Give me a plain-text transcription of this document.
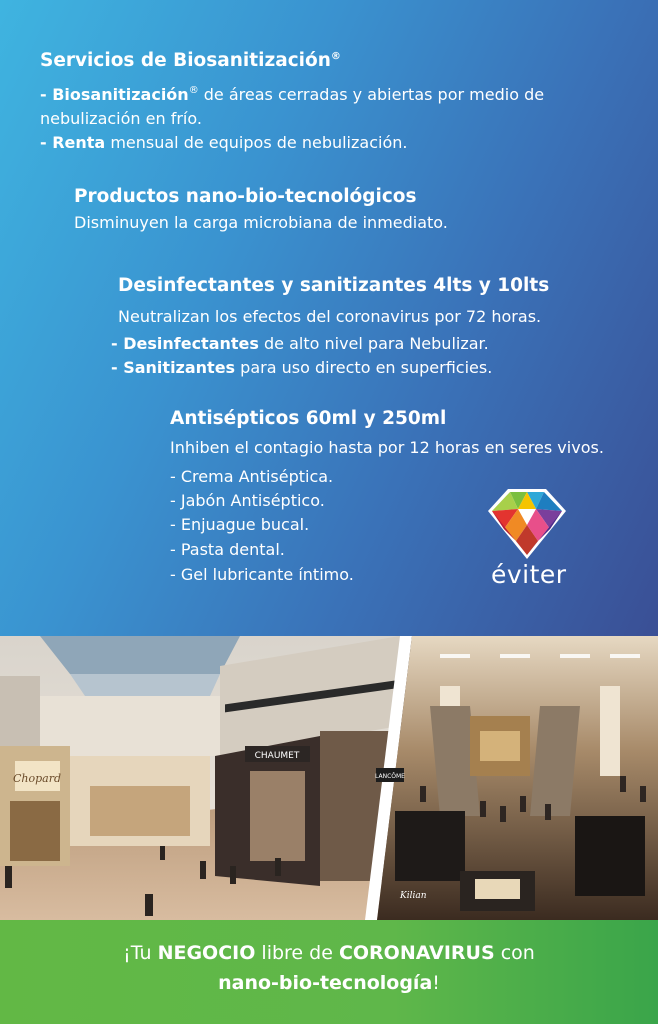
Servicios de Biosanitización®
- Biosanitización® de áreas cerradas y abiertas por medio de
nebulización en frío.
- Renta mensual de equipos de nebulización.
Productos nano-bio-tecnológicos
Disminuyen la carga microbiana de inmediato.
Desinfectantes y sanitizantes 4lts y 10lts
Neutralizan los efectos del coronavirus por 72 horas.
- Desinfectantes de alto nivel para Nebulizar.
- Sanitizantes para uso directo en superficies.
Antisépticos 60ml y 250ml
Inhiben el contagio hasta por 12 horas en seres vivos.
- Crema Antiséptica.
- Jabón Antiséptico.
- Enjuague bucal.
- Pasta dental.
- Gel lubricante íntimo.	éviter
Chopard
CHAUMET
LANCÔME
Kilian
¡Tu NEGOCIO libre de CORONAVIRUS con
nano-bio-tecnología!
